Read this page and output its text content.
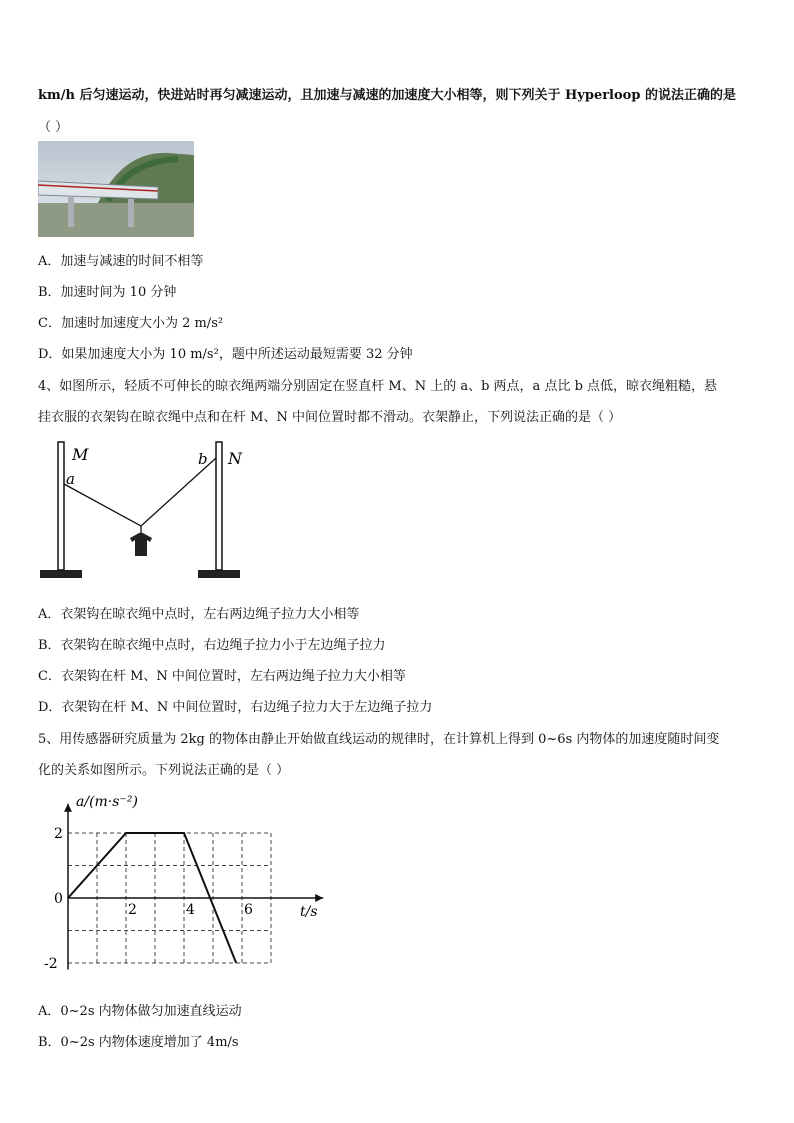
km/h 后匀速运动，快进站时再匀减速运动，且加速与减速的加速度大小相等，则下列关于 Hyperloop 的说法正确的是
（ ）
A．加速与减速的时间不相等
B．加速时间为 10 分钟
C．加速时加速度大小为 2 m/s²
D．如果加速度大小为 10 m/s²，题中所述运动最短需要 32 分钟
4、如图所示，轻质不可伸长的晾衣绳两端分别固定在竖直杆 M、N 上的 a、b 两点，a 点比 b 点低，晾衣绳粗糙，悬
挂衣服的衣架钩在晾衣绳中点和在杆 M、N 中间位置时都不滑动。衣架静止，下列说法正确的是（ ）
M
a
b N
A．衣架钩在晾衣绳中点时，左右两边绳子拉力大小相等
B．衣架钩在晾衣绳中点时，右边绳子拉力小于左边绳子拉力
C．衣架钩在杆 M、N 中间位置时，左右两边绳子拉力大小相等
D．衣架钩在杆 M、N 中间位置时，右边绳子拉力大于左边绳子拉力
5、用传感器研究质量为 2kg 的物体由静止开始做直线运动的规律时，在计算机上得到 0~6s 内物体的加速度随时间变
化的关系如图所示。下列说法正确的是（ ）
2	4	6
2
0
-2
a/(m·s⁻²)
t/s
A．0~2s 内物体做匀加速直线运动
B．0~2s 内物体速度增加了 4m/s
